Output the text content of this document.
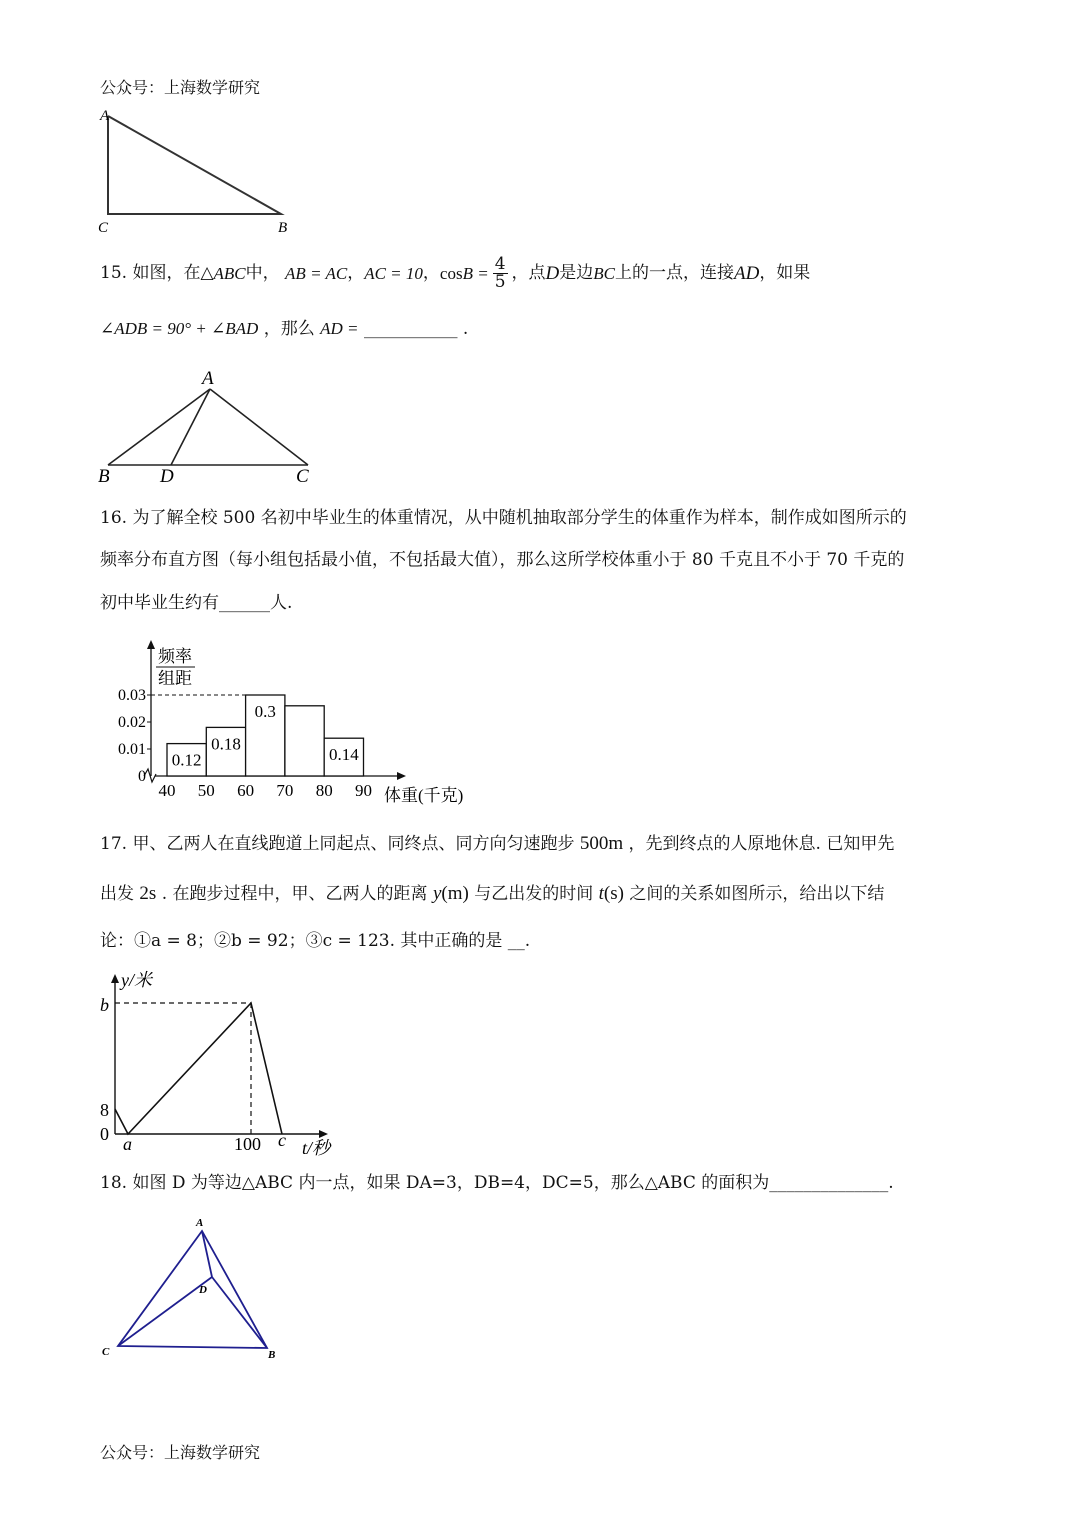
公众号：上海数学研究
A
C	B
15.
如图，在△ ABC 中，
AB = AC ， AC = 10 ， $\cos B = \frac{4}{5}$ ，点 D 是边 BC 上的一点，连接 AD ，如果
∠ADB = 90° + ∠BAD ，那么 AD = ___________ .
A
B	D	C
16. 为了解全校 500 名初中毕业生的体重情况，从中随机抽取部分学生的体重作为样本，制作成如图所示的
频率分布直方图（每小组包括最小值，不包括最大值），那么这所学校体重小于 80 千克且不小于 70 千克的
初中毕业生约有______人.
频率
组距
0
0.01
0.02
0.03
0.12
0.18
0.3
0.14
40 50 60 70 80 90 体重(千克)
17. 甲、乙两人在直线跑道上同起点、同终点、同方向匀速跑步 500m ，先到终点的人原地休息. 已知甲先
出发 2s . 在跑步过程中，甲、乙两人的距离 y(m) 与乙出发的时间 t(s) 之间的关系如图所示，给出以下结
论：①a = 8；②b = 92；③c = 123. 其中正确的是 __.
y/米
b
8
0 a	100 c t/秒
18. 如图 D 为等边△ABC 内一点，如果 DA=3，DB=4，DC=5，那么△ABC 的面积为______________.
A
D
C	B
公众号：上海数学研究
